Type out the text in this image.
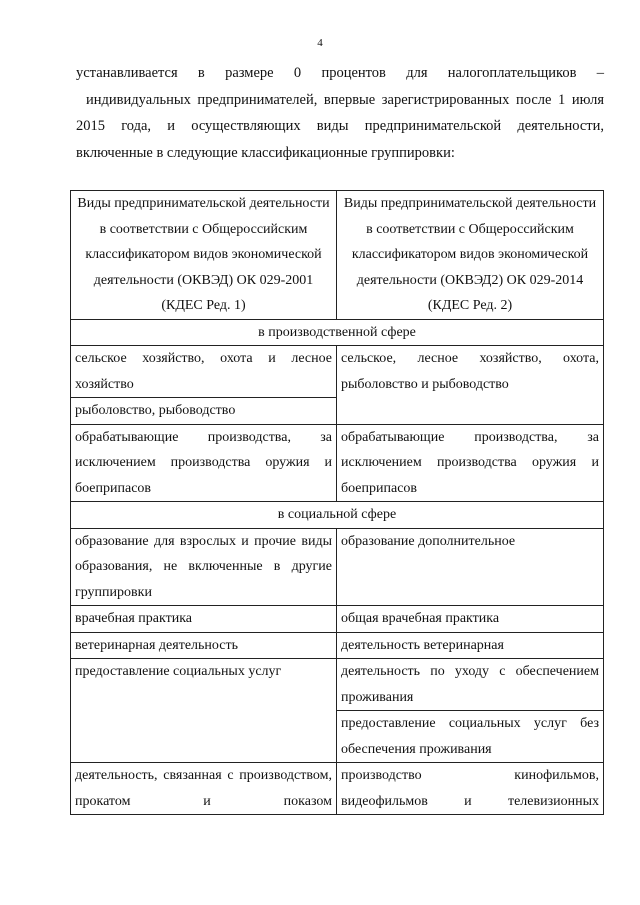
4
устанавливается в размере 0 процентов для налогоплательщиков –
индивидуальных предпринимателей, впервые зарегистрированных после 1 июля
2015 года, и осуществляющих виды предпринимательской деятельности,
включенные в следующие классификационные группировки:
Виды предпринимательской деятельности в соответствии с Общероссийским классификатором видов экономической деятельности (ОКВЭД) ОК 029-2001 (КДЕС Ред. 1)	Виды предпринимательской деятельности в соответствии с Общероссийским классификатором видов экономической деятельности (ОКВЭД2) ОК 029-2014 (КДЕС Ред. 2)
в производственной сфере	
сельское хозяйство, охота и лесное хозяйство	сельское, лесное хозяйство, охота, рыболовство и рыбоводство
рыболовство, рыбоводство	
обрабатывающие производства, за исключением производства оружия и боеприпасов	обрабатывающие производства, за исключением производства оружия и боеприпасов
в социальной сфере	
образование для взрослых и прочие виды образования, не включенные в другие группировки	образование дополнительное
врачебная практика	общая врачебная практика
ветеринарная деятельность	деятельность ветеринарная
предоставление социальных услуг	деятельность по уходу с обеспечением проживания
	предоставление социальных услуг без обеспечения проживания

деятельность, связанная с производством, прокатом и показом	производство кинофильмов, видеофильмов и телевизионных
